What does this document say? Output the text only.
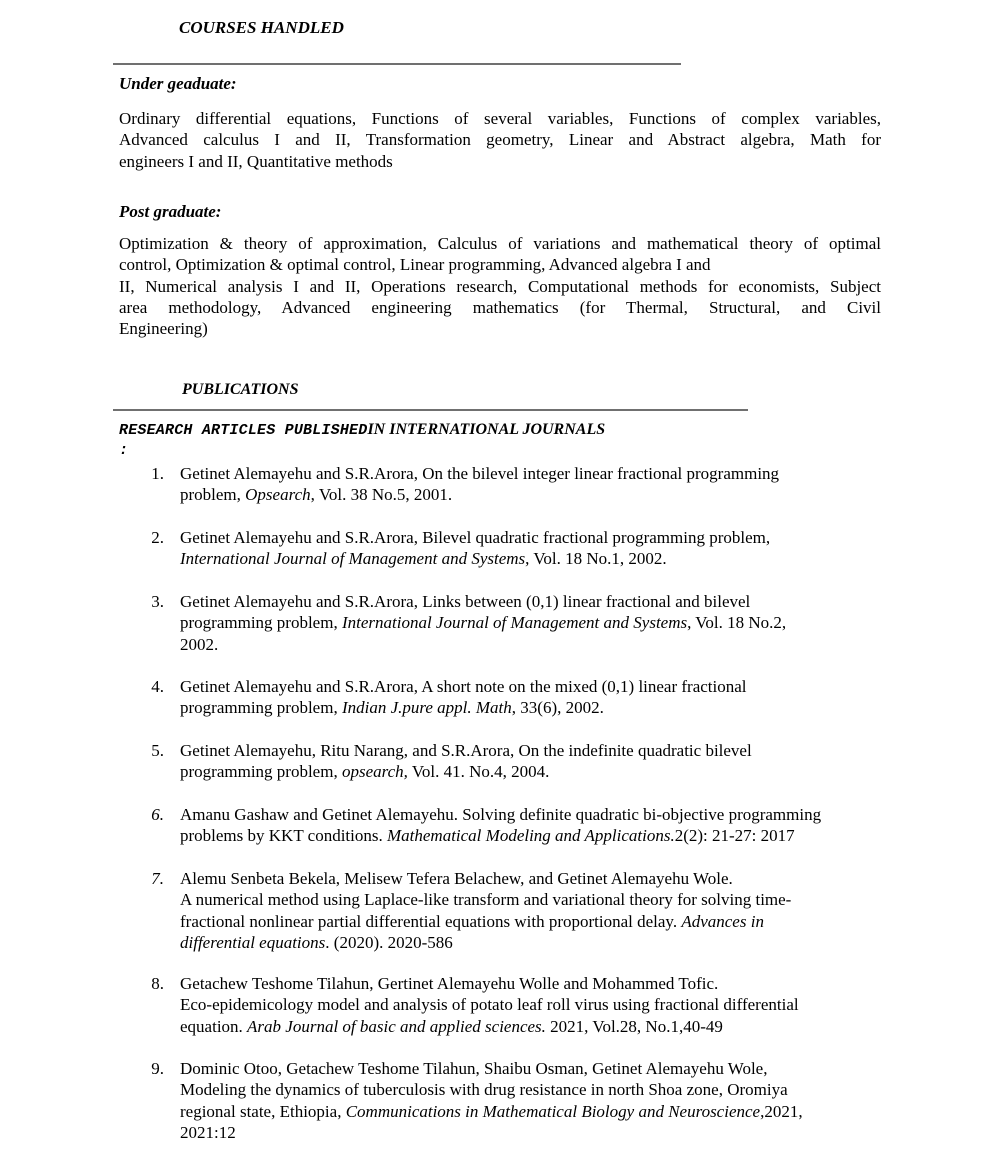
COURSES HANDLED
Under geaduate:

Ordinary differential equations, Functions of several variables, Functions of complex variables,
Advanced calculus I and II, Transformation geometry, Linear and Abstract algebra, Math for
engineers I and II, Quantitative methods

Post graduate:

Optimization & theory of approximation, Calculus of variations and mathematical theory of optimal
control, Optimization & optimal control, Linear programming, Advanced algebra I and
II, Numerical analysis I and II, Operations research, Computational methods for economists, Subject
area methodology, Advanced engineering mathematics (for Thermal, Structural, and Civil
Engineering)

PUBLICATIONS
RESEARCH ARTICLES PUBLISHEDIN INTERNATIONAL JOURNALS
:
1. Getinet Alemayehu and S.R.Arora, On the bilevel integer linear fractional programming
problem, Opsearch, Vol. 38 No.5, 2001.
2. Getinet Alemayehu and S.R.Arora, Bilevel quadratic fractional programming problem,
International Journal of Management and Systems, Vol. 18 No.1, 2002.
3. Getinet Alemayehu and S.R.Arora, Links between (0,1) linear fractional and bilevel
programming problem, International Journal of Management and Systems, Vol. 18 No.2,
2002.
4. Getinet Alemayehu and S.R.Arora, A short note on the mixed (0,1) linear fractional
programming problem, Indian J.pure appl. Math, 33(6), 2002.
5. Getinet Alemayehu, Ritu Narang, and S.R.Arora, On the indefinite quadratic bilevel
programming problem, opsearch, Vol. 41. No.4, 2004.
6. Amanu Gashaw and Getinet Alemayehu. Solving definite quadratic bi-objective programming
problems by KKT conditions. Mathematical Modeling and Applications.2(2): 21-27: 2017
7. Alemu Senbeta Bekela, Melisew Tefera Belachew, and Getinet Alemayehu Wole.
A numerical method using Laplace-like transform and variational theory for solving time-
fractional nonlinear partial differential equations with proportional delay. Advances in
differential equations. (2020). 2020-586
8. Getachew Teshome Tilahun, Gertinet Alemayehu Wolle and Mohammed Tofic.
Eco-epidemicology model and analysis of potato leaf roll virus using fractional differential
equation. Arab Journal of basic and applied sciences. 2021, Vol.28, No.1,40-49
9. Dominic Otoo, Getachew Teshome Tilahun, Shaibu Osman, Getinet Alemayehu Wole,
Modeling the dynamics of tuberculosis with drug resistance in north Shoa zone, Oromiya
regional state, Ethiopia, Communications in Mathematical Biology and Neuroscience,2021,
2021:12
